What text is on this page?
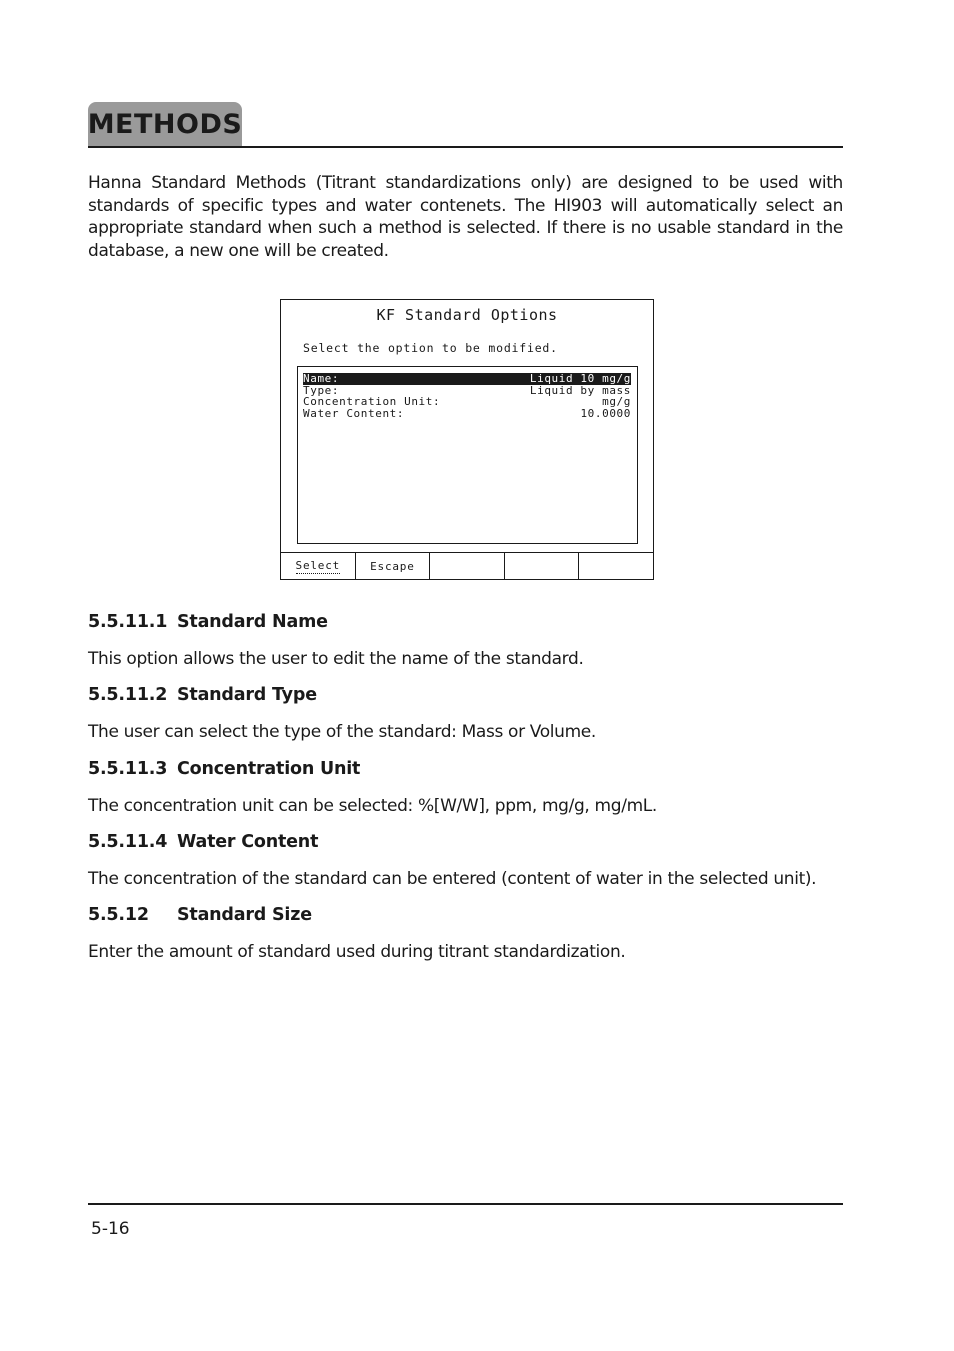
METHODS

Hanna Standard Methods (Titrant standardizations only) are designed to be used with standards of specific types and water contenets. The HI903 will automatically select an appropriate standard when such a method is selected. If there is no usable standard in the database, a new one will be created.

KF Standard Options
Select the option to be modified.
Name:	Liquid 10 mg/g
Type:	Liquid by mass
Concentration Unit:	mg/g
Water Content:	10.0000
Select	Escape
5.5.11.1 Standard Name

This option allows the user to edit the name of the standard.

5.5.11.2 Standard Type

The user can select the type of the standard: Mass or Volume.

5.5.11.3 Concentration Unit

The concentration unit can be selected: %[W/W], ppm, mg/g, mg/mL.

5.5.11.4 Water Content

The concentration of the standard can be entered (content of water in the selected unit).

5.5.12 Standard Size

Enter the amount of standard used during titrant standardization.

5-16
